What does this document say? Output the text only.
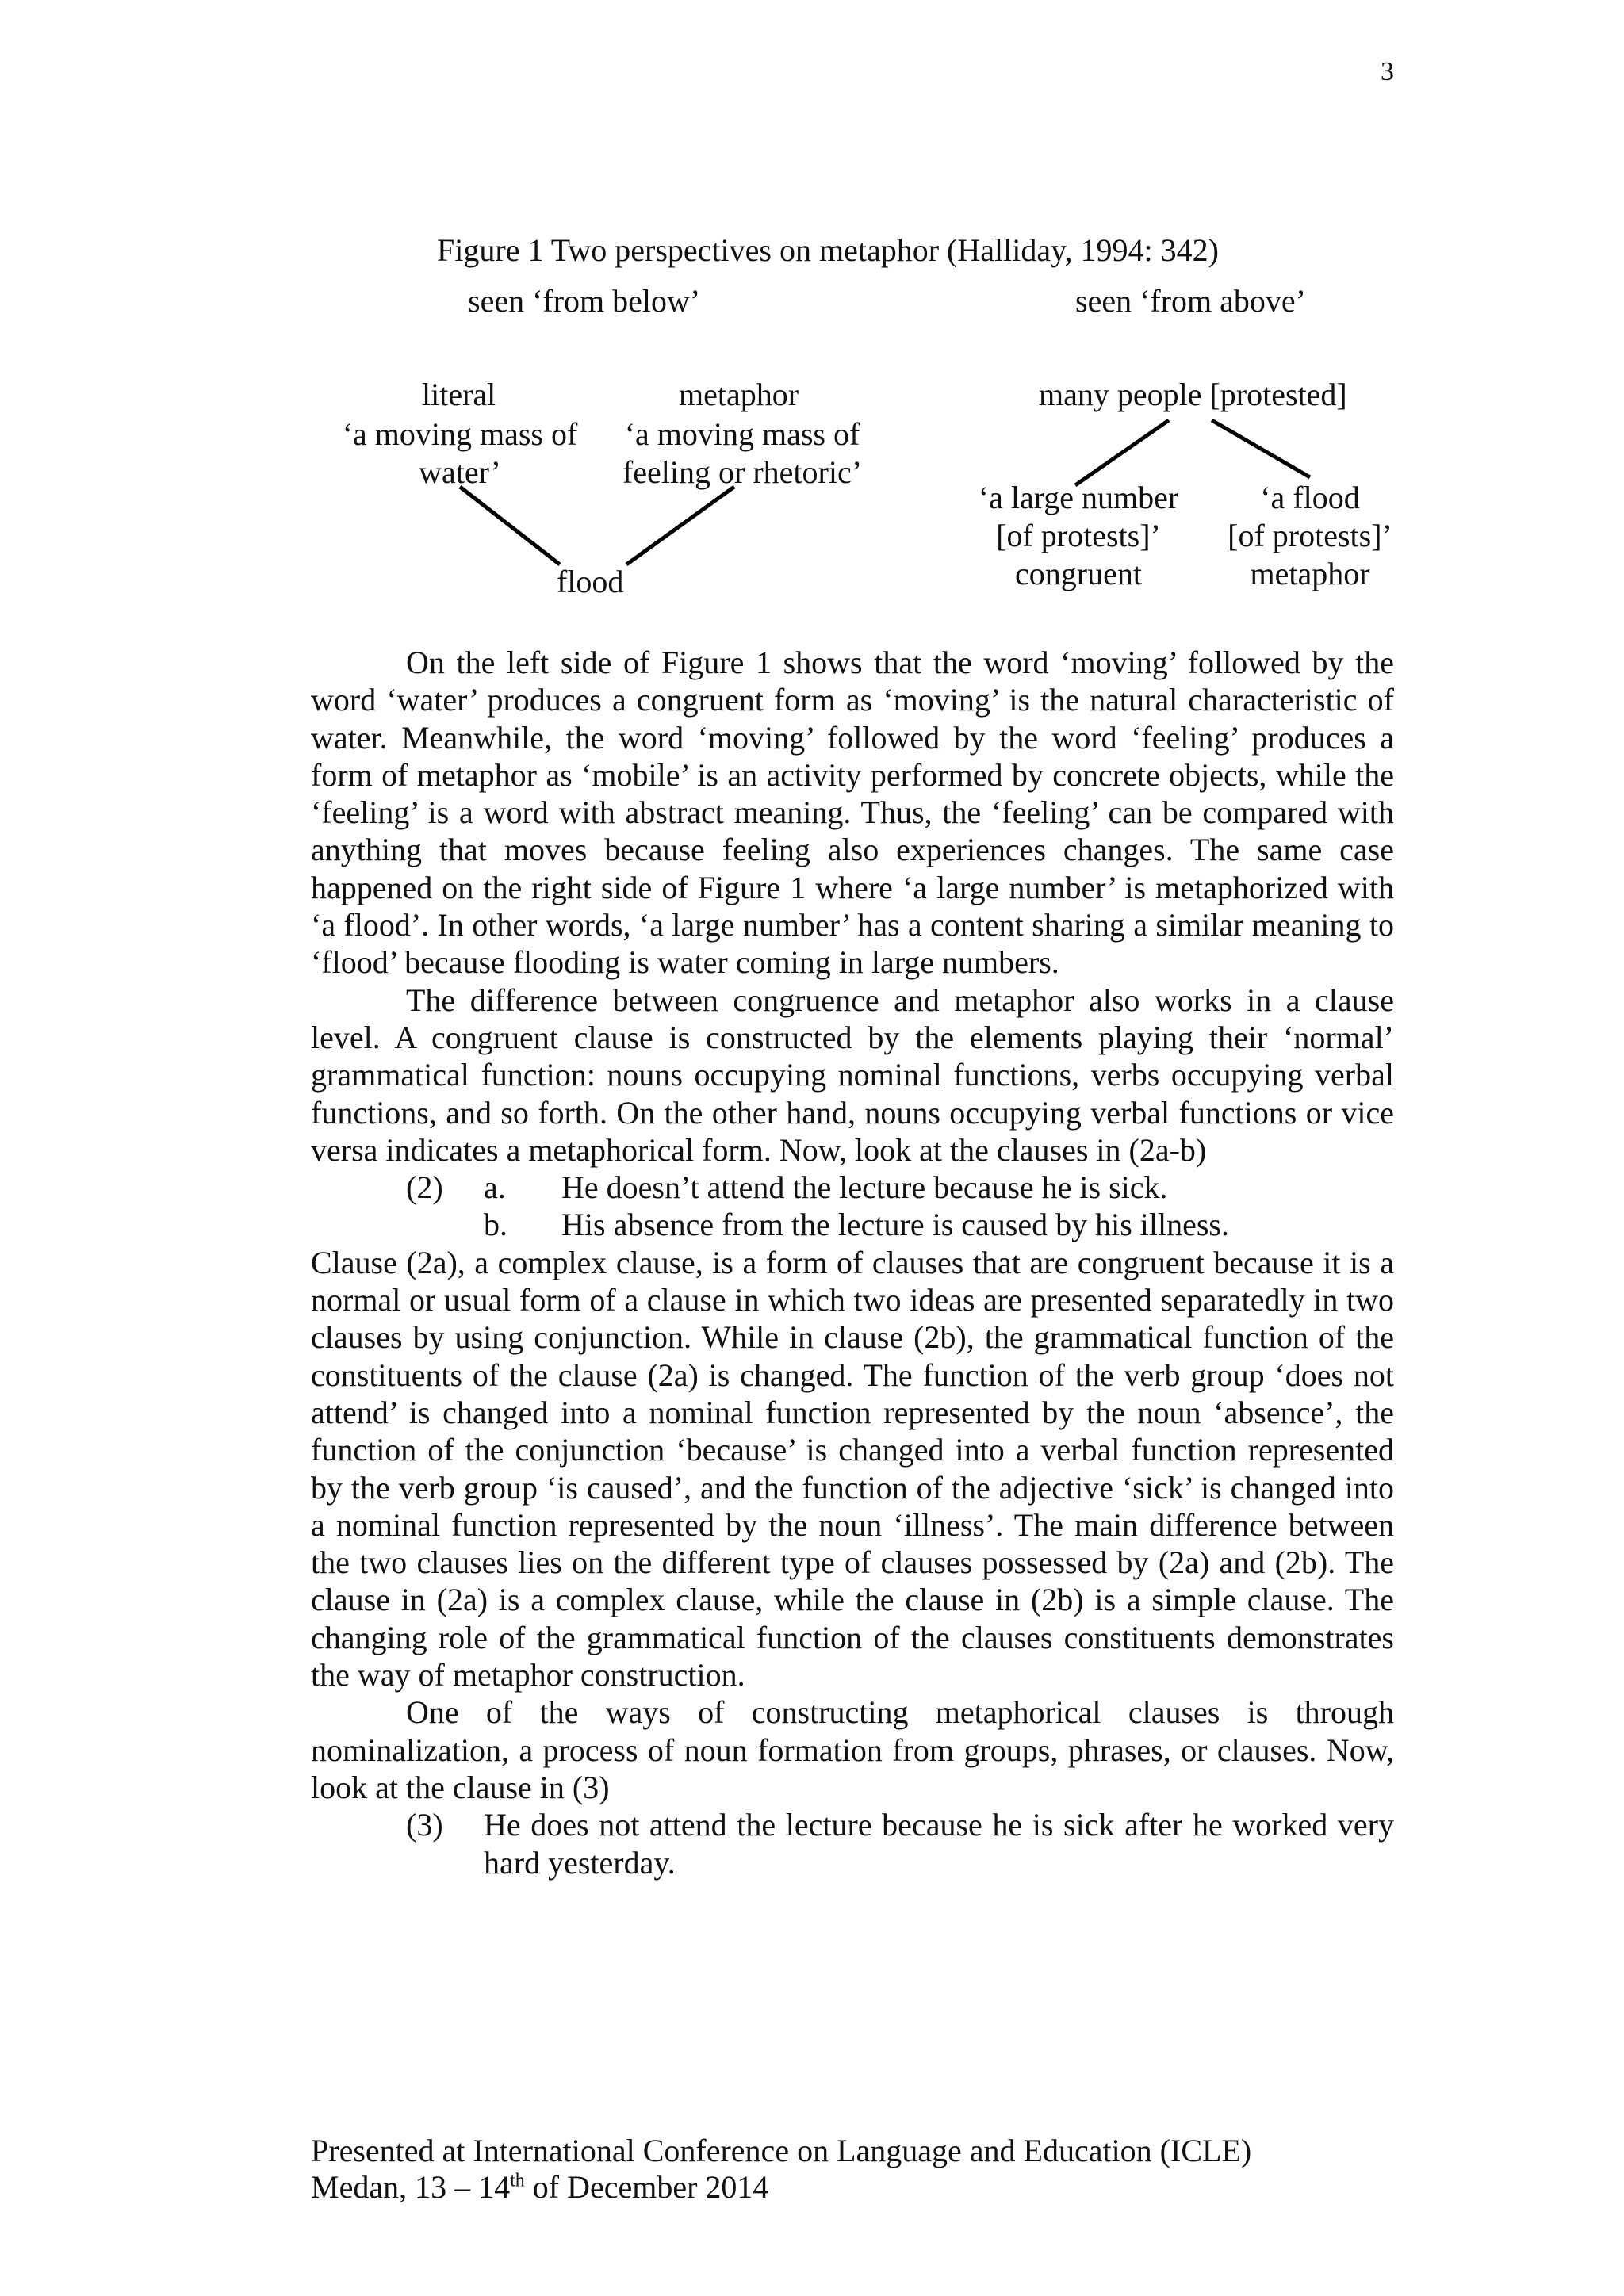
3
Figure 1 Two perspectives on metaphor (Halliday, 1994: 342)
seen ‘from below’	seen ‘from above’
literal
‘a moving mass of
water’
metaphor
‘a moving mass of
feeling or rhetoric’
flood
many people [protested]
‘a large number
[of protests]’
congruent
‘a flood
[of protests]’
metaphor

On the left side of Figure 1 shows that the word ‘moving’ followed by the word ‘water’ produces a congruent form as ‘moving’ is the natural characteristic of water. Meanwhile, the word ‘moving’ followed by the word ‘feeling’ produces a form of metaphor as ‘mobile’ is an activity performed by concrete objects, while the ‘feeling’ is a word with abstract meaning. Thus, the ‘feeling’ can be compared with anything that moves because feeling also experiences changes. The same case happened on the right side of Figure 1 where ‘a large number’ is metaphorized with ‘a flood’. In other words, ‘a large number’ has a content sharing a similar meaning to ‘flood’ because flooding is water coming in large numbers.

The difference between congruence and metaphor also works in a clause level. A congruent clause is constructed by the elements playing their ‘normal’ grammatical function: nouns occupying nominal functions, verbs occupying verbal functions, and so forth. On the other hand, nouns occupying verbal functions or vice versa indicates a metaphorical form. Now, look at the clauses in (2a-b)

(2)	a.	He doesn’t attend the lecture because he is sick.
b.	His absence from the lecture is caused by his illness.

Clause (2a), a complex clause, is a form of clauses that are congruent because it is a normal or usual form of a clause in which two ideas are presented separatedly in two clauses by using conjunction. While in clause (2b), the grammatical function of the constituents of the clause (2a) is changed. The function of the verb group ‘does not attend’ is changed into a nominal function represented by the noun ‘absence’, the function of the conjunction ‘because’ is changed into a verbal function represented by the verb group ‘is caused’, and the function of the adjective ‘sick’ is changed into a nominal function represented by the noun ‘illness’. The main difference between the two clauses lies on the different type of clauses possessed by (2a) and (2b). The clause in (2a) is a complex clause, while the clause in (2b) is a simple clause. The changing role of the grammatical function of the clauses constituents demonstrates the way of metaphor construction.

One of the ways of constructing metaphorical clauses is through nominalization, a process of noun formation from groups, phrases, or clauses. Now, look at the clause in (3)

(3)	He does not attend the lecture because he is sick after he worked very hard yesterday.
Presented at International Conference on Language and Education (ICLE)
Medan, 13 – 14th of December 2014
